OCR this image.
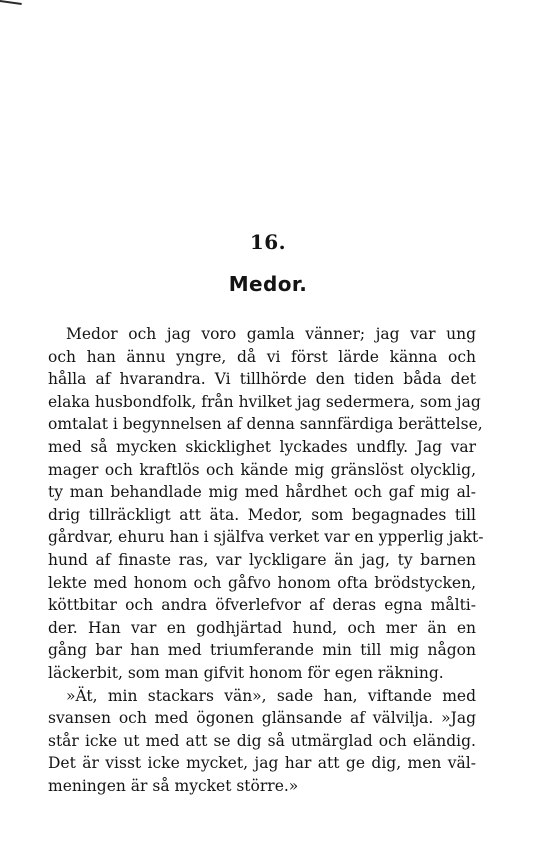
16.
Medor.
Medor och jag voro gamla vänner; jag var ung
och han ännu yngre, då vi först lärde känna och
hålla af hvarandra. Vi tillhörde den tiden båda det
elaka husbondfolk, från hvilket jag sedermera, som jag
omtalat i begynnelsen af denna sannfärdiga berättelse,
med så mycken skicklighet lyckades undfly. Jag var
mager och kraftlös och kände mig gränslöst olycklig,
ty man behandlade mig med hårdhet och gaf mig al-
drig tillräckligt att äta. Medor, som begagnades till
gårdvar, ehuru han i själfva verket var en ypperlig jakt-
hund af finaste ras, var lyckligare än jag, ty barnen
lekte med honom och gåfvo honom ofta brödstycken,
köttbitar och andra öfverlefvor af deras egna målti-
der. Han var en godhjärtad hund, och mer än en
gång bar han med triumferande min till mig någon
läckerbit, som man gifvit honom för egen räkning.
»Ät, min stackars vän», sade han, viftande med
svansen och med ögonen glänsande af välvilja. »Jag
står icke ut med att se dig så utmärglad och eländig.
Det är visst icke mycket, jag har att ge dig, men väl-
meningen är så mycket större.»
